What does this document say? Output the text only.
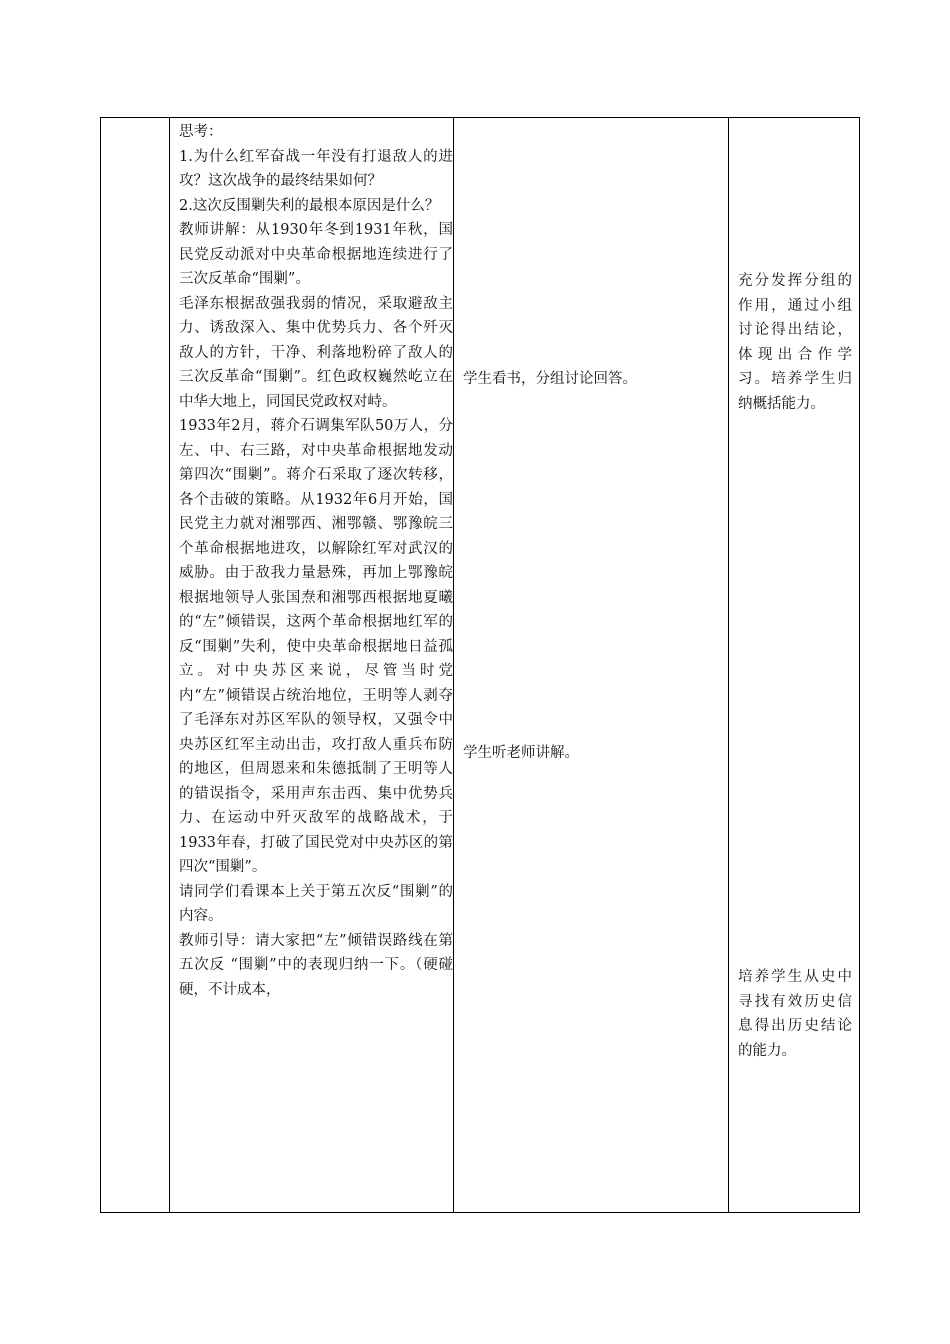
思考：

1.为什么红军奋战一年没有打退敌人的进攻？这次战争的最终结果如何？

2.这次反围剿失利的最根本原因是什么？

教师讲解：从1930年冬到1931年秋，国民党反动派对中央革命根据地连续进行了三次反革命“围剿”。

毛泽东根据敌强我弱的情况，采取避敌主力、诱敌深入、集中优势兵力、各个歼灭敌人的方针，干净、利落地粉碎了敌人的三次反革命“围剿”。红色政权巍然屹立在中华大地上，同国民党政权对峙。

1933年2月，蒋介石调集军队50万人，分左、中、右三路，对中央革命根据地发动第四次“围剿”。蒋介石采取了逐次转移，各个击破的策略。从1932年6月开始，国民党主力就对湘鄂西、湘鄂赣、鄂豫皖三个革命根据地进攻，以解除红军对武汉的威胁。由于敌我力量悬殊，再加上鄂豫皖根据地领导人张国焘和湘鄂西根据地夏曦的“左”倾错误，这两个革命根据地红军的反“围剿”失利，使中央革命根据地日益孤立。对中央苏区来说，尽管当时党内“左”倾错误占统治地位，王明等人剥夺了毛泽东对苏区军队的领导权，又强令中央苏区红军主动出击，攻打敌人重兵布防的地区，但周恩来和朱德抵制了王明等人的错误指令，采用声东击西、集中优势兵力、在运动中歼灭敌军的战略战术，于1933年春，打破了国民党对中央苏区的第四次“围剿”。

请同学们看课本上关于第五次反“围剿”的内容。

教师引导：请大家把“左”倾错误路线在第五次反 “围剿”中的表现归纳一下。（硬碰硬，不计成本，

学生看书，分组讨论回答。
学生听老师讲解。
充分发挥分组的作用，通过小组讨论得出结论，体现出合作学习。培养学生归纳概括能力。
培养学生从史中寻找有效历史信息得出历史结论的能力。
